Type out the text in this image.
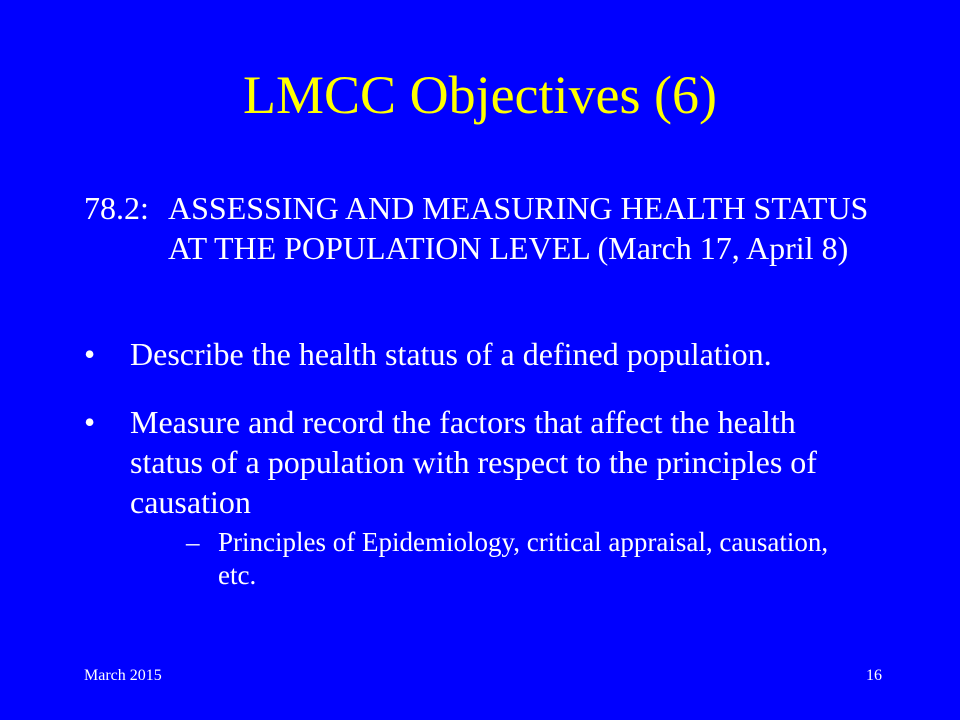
LMCC Objectives (6)
78.2: ASSESSING AND MEASURING HEALTH STATUS AT THE POPULATION LEVEL (March 17, April 8)
• Describe the health status of a defined population.
• Measure and record the factors that affect the health status of a population with respect to the principles of causation
– Principles of Epidemiology, critical appraisal, causation, etc.
March 2015	16
